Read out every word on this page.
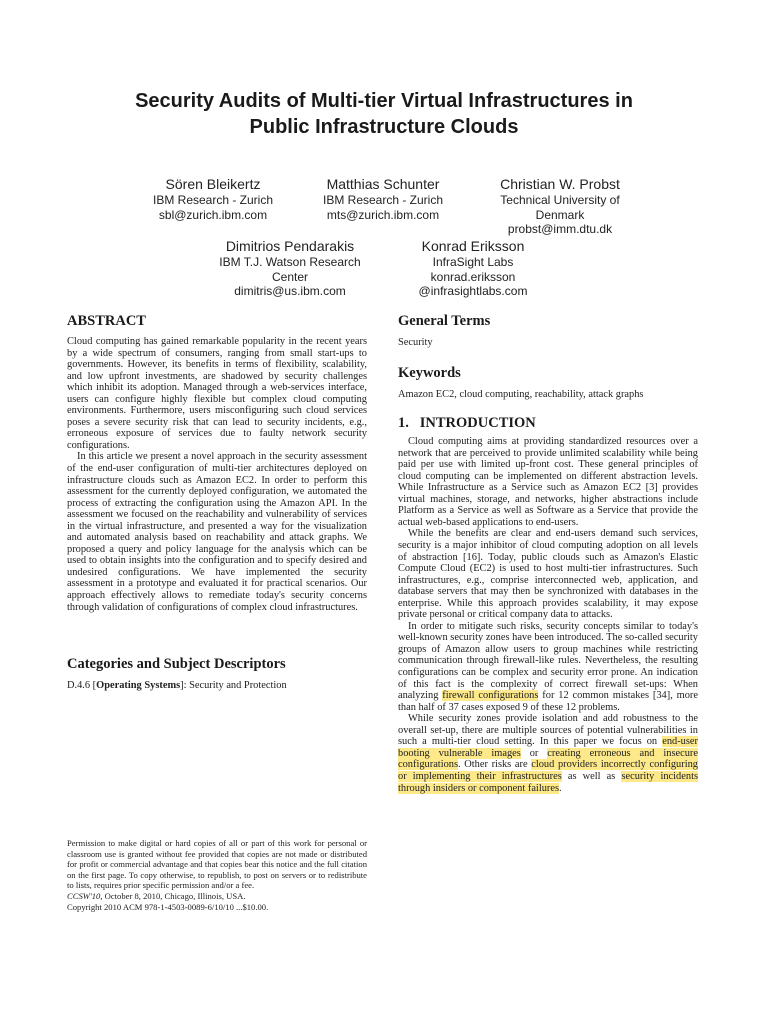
Security Audits of Multi-tier Virtual Infrastructures in
Public Infrastructure Clouds
Sören Bleikertz
IBM Research - Zurich
sbl@zurich.ibm.com
Matthias Schunter
IBM Research - Zurich
mts@zurich.ibm.com
Christian W. Probst
Technical University of
Denmark
probst@imm.dtu.dk
Dimitrios Pendarakis
IBM T.J. Watson Research
Center
dimitris@us.ibm.com
Konrad Eriksson
InfraSight Labs
konrad.eriksson
@infrasightlabs.com
ABSTRACT

Cloud computing has gained remarkable popularity in the recent years by a wide spectrum of consumers, ranging from small start-ups to governments. However, its benefits in terms of flexibility, scalability, and low upfront investments, are shadowed by security challenges which inhibit its adoption. Managed through a web-services interface, users can configure highly flexible but complex cloud computing environments. Furthermore, users misconfiguring such cloud services poses a severe security risk that can lead to security incidents, e.g., erroneous exposure of services due to faulty network security configurations.

In this article we present a novel approach in the security assessment of the end-user configuration of multi-tier architectures deployed on infrastructure clouds such as Amazon EC2. In order to perform this assessment for the currently deployed configuration, we automated the process of extracting the configuration using the Amazon API. In the assessment we focused on the reachability and vulnerability of services in the virtual infrastructure, and presented a way for the visualization and automated analysis based on reachability and attack graphs. We proposed a query and policy language for the analysis which can be used to obtain insights into the configuration and to specify desired and undesired configurations. We have implemented the security assessment in a prototype and evaluated it for practical scenarios. Our approach effectively allows to remediate today's security concerns through validation of configurations of complex cloud infrastructures.

Categories and Subject Descriptors
D.4.6 [Operating Systems]: Security and Protection

Permission to make digital or hard copies of all or part of this work for personal or classroom use is granted without fee provided that copies are not made or distributed for profit or commercial advantage and that copies bear this notice and the full citation on the first page. To copy otherwise, to republish, to post on servers or to redistribute to lists, requires prior specific permission and/or a fee.

CCSW'10, October 8, 2010, Chicago, Illinois, USA.

Copyright 2010 ACM 978-1-4503-0089-6/10/10 ...$10.00.

General Terms
Security
Keywords
Amazon EC2, cloud computing, reachability, attack graphs
1.   INTRODUCTION

Cloud computing aims at providing standardized resources over a network that are perceived to provide unlimited scalability while being paid per use with limited up-front cost. These general principles of cloud computing can be implemented on different abstraction levels. While Infrastructure as a Service such as Amazon EC2 [3] provides virtual machines, storage, and networks, higher abstractions include Platform as a Service as well as Software as a Service that provide the actual web-based applications to end-users.

While the benefits are clear and end-users demand such services, security is a major inhibitor of cloud computing adoption on all levels of abstraction [16]. Today, public clouds such as Amazon's Elastic Compute Cloud (EC2) is used to host multi-tier infrastructures. Such infrastructures, e.g., comprise interconnected web, application, and database servers that may then be synchronized with databases in the enterprise. While this approach provides scalability, it may expose private personal or critical company data to attacks.

In order to mitigate such risks, security concepts similar to today's well-known security zones have been introduced. The so-called security groups of Amazon allow users to group machines while restricting communication through firewall-like rules. Nevertheless, the resulting configurations can be complex and security error prone. An indication of this fact is the complexity of correct firewall set-ups: When analyzing firewall configurations for 12 common mistakes [34], more than half of 37 cases exposed 9 of these 12 problems.

While security zones provide isolation and add robustness to the overall set-up, there are multiple sources of potential vulnerabilities in such a multi-tier cloud setting. In this paper we focus on end-user booting vulnerable images or creating erroneous and insecure configurations. Other risks are cloud providers incorrectly configuring or implementing their infrastructures as well as security incidents through insiders or component failures.
